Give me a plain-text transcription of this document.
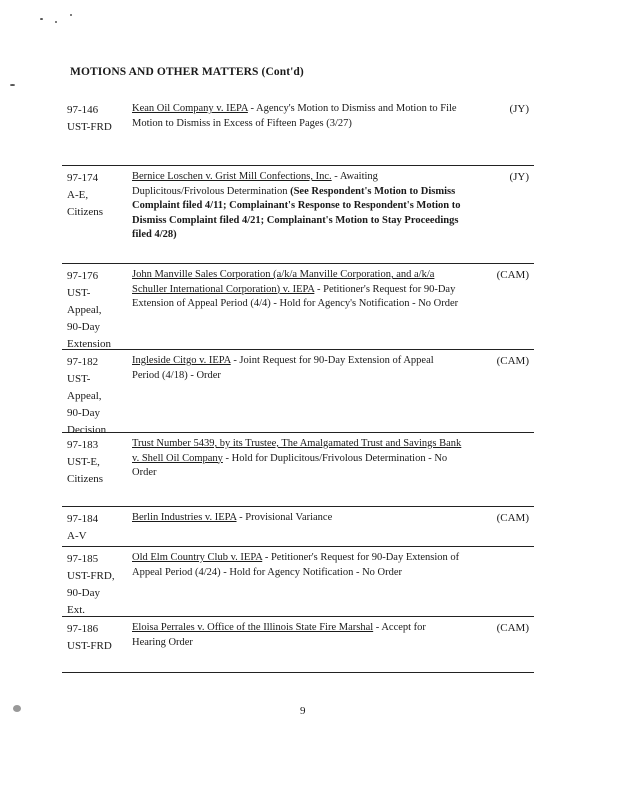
MOTIONS AND OTHER MATTERS (Cont'd)
97-146
UST-FRD
Kean Oil Company v. IEPA - Agency's Motion to Dismiss and Motion to File Motion to Dismiss in Excess of Fifteen Pages (3/27)
(JY)
97-174
A-E,
Citizens
Bernice Loschen v. Grist Mill Confections, Inc. - Awaiting Duplicitous/Frivolous Determination (See Respondent's Motion to Dismiss Complaint filed 4/11; Complainant's Response to Respondent's Motion to Dismiss Complaint filed 4/21; Complainant's Motion to Stay Proceedings filed 4/28)
(JY)
97-176
UST-
Appeal,
90-Day
Extension
John Manville Sales Corporation (a/k/a Manville Corporation, and a/k/a Schuller International Corporation) v. IEPA - Petitioner's Request for 90-Day Extension of Appeal Period (4/4) - Hold for Agency's Notification - No Order
(CAM)
97-182
UST-
Appeal,
90-Day
Decision
Ingleside Citgo v. IEPA - Joint Request for 90-Day Extension of Appeal Period (4/18) - Order
(CAM)
97-183
UST-E,
Citizens
Trust Number 5439, by its Trustee, The Amalgamated Trust and Savings Bank v. Shell Oil Company - Hold for Duplicitous/Frivolous Determination - No Order
97-184
A-V
Berlin Industries v. IEPA - Provisional Variance	(CAM)
97-185
UST-FRD,
90-Day
Ext.
Old Elm Country Club v. IEPA - Petitioner's Request for 90-Day Extension of Appeal Period (4/24) - Hold for Agency Notification - No Order
97-186
UST-FRD
Eloisa Perrales v. Office of the Illinois State Fire Marshal - Accept for Hearing Order
(CAM)
9
